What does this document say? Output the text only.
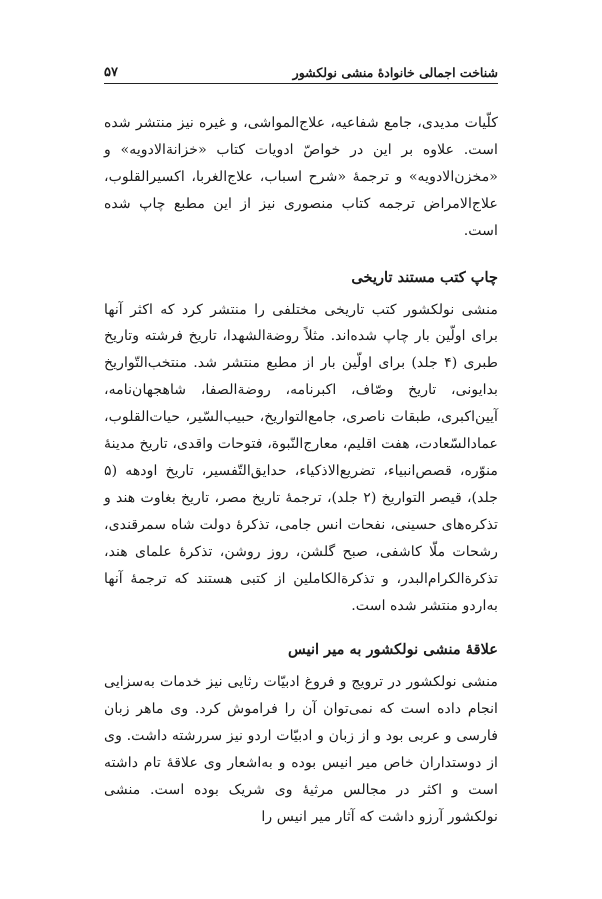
شناخت اجمالی خانوادهٔ منشی نولکشور
۵۷

کلّیات مدیدی، جامع شفاعیه، علاج‌المواشی، و غیره نیز منتشر شده است. علاوه بر این در خواصّ ادویات کتاب «خزانةالادویه» و «مخزن‌الادویه» و ترجمهٔ «شرح اسباب، علاج‌الغربا، اکسیرالقلوب، علاج‌الامراض ترجمه کتاب منصوری نیز از این مطبع چاپ شده است.

چاپ کتب مستند تاریخی

منشی نولکشور کتب تاریخی مختلفی را منتشر کرد که اکثر آنها برای اولّین بار چاپ شده‌اند. مثلاً روضةالشهدا، تاریخ فرشته وتاریخ طبری (۴ جلد) برای اولّین بار از مطبع منتشر شد. منتخب‌التّواریخ بدایونی، تاریخ وصّاف، اکبرنامه، روضةالصفا، شاهجهان‌نامه، آیین‌اکبری، طبقات ناصری، جامع‌التواریخ، حبیب‌السّیر، حیات‌القلوب، عمادالسّعادت، هفت اقلیم، معارج‌النّبوة، فتوحات واقدی، تاریخ مدینهٔ منوّره، قصص‌انبیاء، تضریع‌الاذکیاء، حدایق‌التّفسیر، تاریخ اودهه (۵ جلد)، قیصر التواریخ (۲ جلد)، ترجمهٔ تاریخ مصر، تاریخ بغاوت هند و تذکره‌های حسینی، نفحات انس جامی، تذکرهٔ دولت شاه سمرقندی، رشحات ملّا کاشفی، صبح گلشن، روز روشن، تذکرهٔ علمای هند، تذکرةالکرام‌البدر، و تذکرةالکاملین از کتبی هستند که ترجمهٔ آنها به‌اردو منتشر شده است.

علاقهٔ منشی نولکشور به میر انیس

منشی نولکشور در ترویج و فروغ ادبیّات رثایی نیز خدمات به‌سزایی انجام داده است که نمی‌توان آن را فراموش کرد. وی ماهر زبان فارسی و عربی بود و از زبان و ادبیّات اردو نیز سررشته داشت. وی از دوستداران خاص میر انیس بوده و به‌اشعار وی علاقهٔ تام داشته است و اکثر در مجالس مرثیهٔ وی شریک بوده است. منشی نولکشور آرزو داشت که آثار میر انیس را
